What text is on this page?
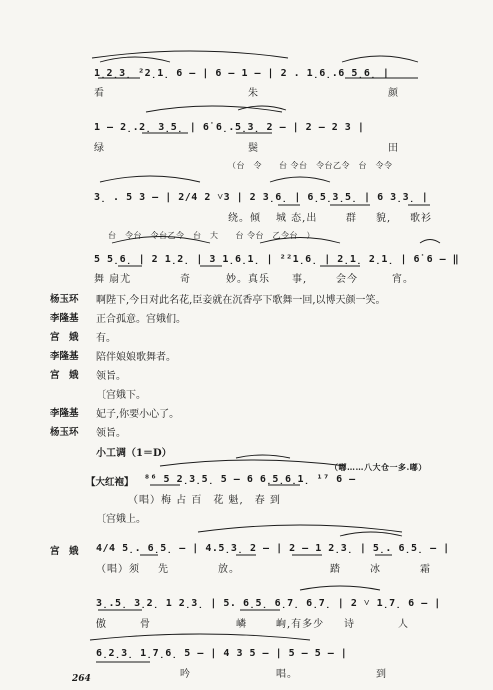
1̣2̣3̣ ²2̣1̣ 6 – | 6 – 1 – | 2 . 1̣6̣.6 5̣6̣ |
看	朱	颜
1 – 2̣.2̣ 3̣5̣ | 6̇ 6̣.5̣3̣ 2 – | 2 – 2 3 |
绿	鬓	田
（台　令　　台 令台　令台乙令　台　令令
3̣ . 5 3 – | 2/4 2 ˅3 | 2 3̣6̣ | 6̣5̣3̣5̣ | 6 3̣3̣ |
绕。倾 城 态,出	群 貌, 歌衫
台　令台　令台乙令　台　大　　台 令台　乙令台　）
5 5̣6̣ | 2 1̣2̣ | 3 1̣6̣1̣ | ²²1̣6̣ | 2̣1̣ 2̣1̣ | 6̇ 6 – ‖
舞 扇尤	奇	妙。真乐 事,	会今	宵。
杨玉环 啊陛下,今日对此名花,臣妾就在沉香亭下歌舞一回,以博天颜一笑。
李隆基 正合孤意。宫娥们。
宫　娥 有。
李隆基 陪伴娘娘歌舞者。
宫　娥 领旨。
〔宫娥下。
李隆基 妃子,你要小心了。
杨玉环 领旨。
小工调（1＝D）
（嘟……八大仓一多.嘟）
【大红袍】 ⁸⁶ 5 2̣3̣5̣ 5 – 6 6̣5̣6̣1̣ ¹⁷ 6 –
（唱）梅 占 百　花 魁,　春 到
〔宫娥上。
宫　娥 4/4 5̣. 6̣5̣ – | 4.5̣3̣ 2 – | 2 – 1 2̣3̣ | 5̣. 6̣5̣ – |
（唱）须 先	放。	踏	冰	霜
3̣.5̣ 3̣2̣ 1 2̣3̣ | 5. 6̣5̣ 6̣7̣ 6̣7̣ | 2 ˅ 1̣7̣ 6 – |
傲	骨	嶙	峋,有多少 诗	人
6̣2̣3̣ 1̣7̣6̣ 5 – | 4 3 5 – | 5 – 5 – |
吟	唱。	到
264
